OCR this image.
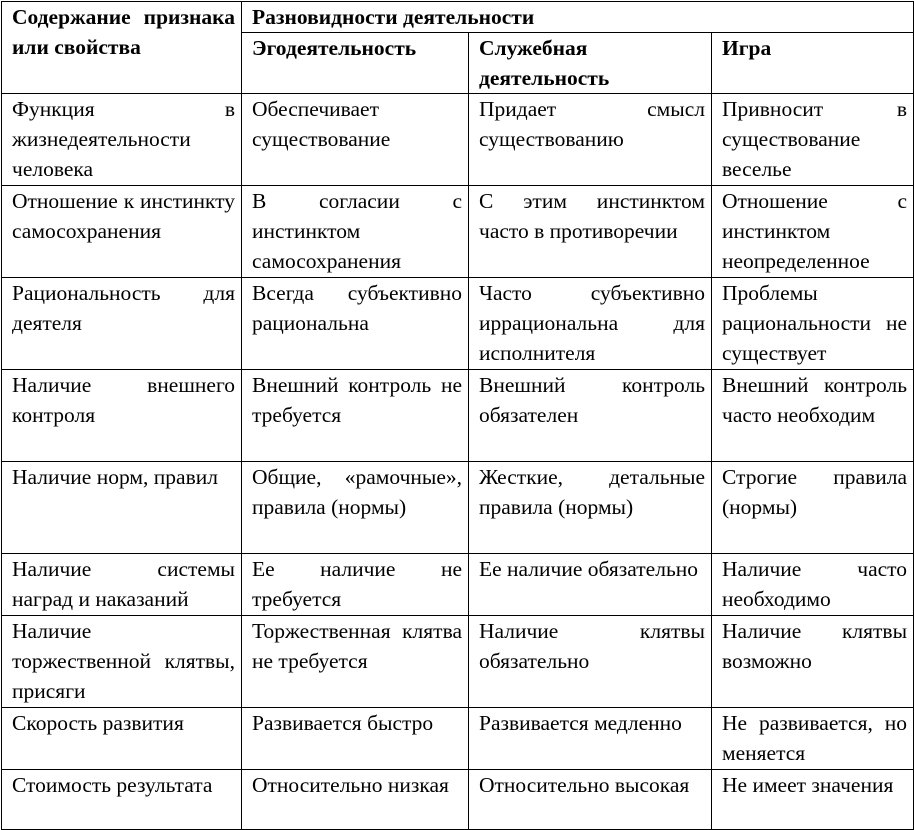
Содержание признака или свойства	Разновидности деятельности		
	Эгодеятельность	Служебная деятельность	Игра
Функция в жизнедеятельности человека	Обеспечивает существование	Придает смысл существованию	Привносит в существование веселье
Отношение к инстинкту самосохранения	В согласии с инстинктом самосохранения	С этим инстинктом часто в противоречии	Отношение с инстинктом неопределенное
Рациональность для деятеля	Всегда субъективно рациональна	Часто субъективно иррациональна для исполнителя	Проблемы рациональности не существует
Наличие внешнего контроля	Внешний контроль не требуется	Внешний контроль обязателен	Внешний контроль часто необходим
Наличие норм, правил	Общие, «рамочные», правила (нормы)	Жесткие, детальные правила (нормы)	Строгие правила (нормы)
Наличие системы наград и наказаний	Ее наличие не требуется	Ее наличие обязательно	Наличие часто необходимо
Наличие торжественной клятвы, присяги	Торжественная клятва не требуется	Наличие клятвы обязательно	Наличие клятвы возможно
Скорость развития	Развивается быстро	Развивается медленно	Не развивается, но меняется
Стоимость результата	Относительно низкая	Относительно высокая	Не имеет значения
